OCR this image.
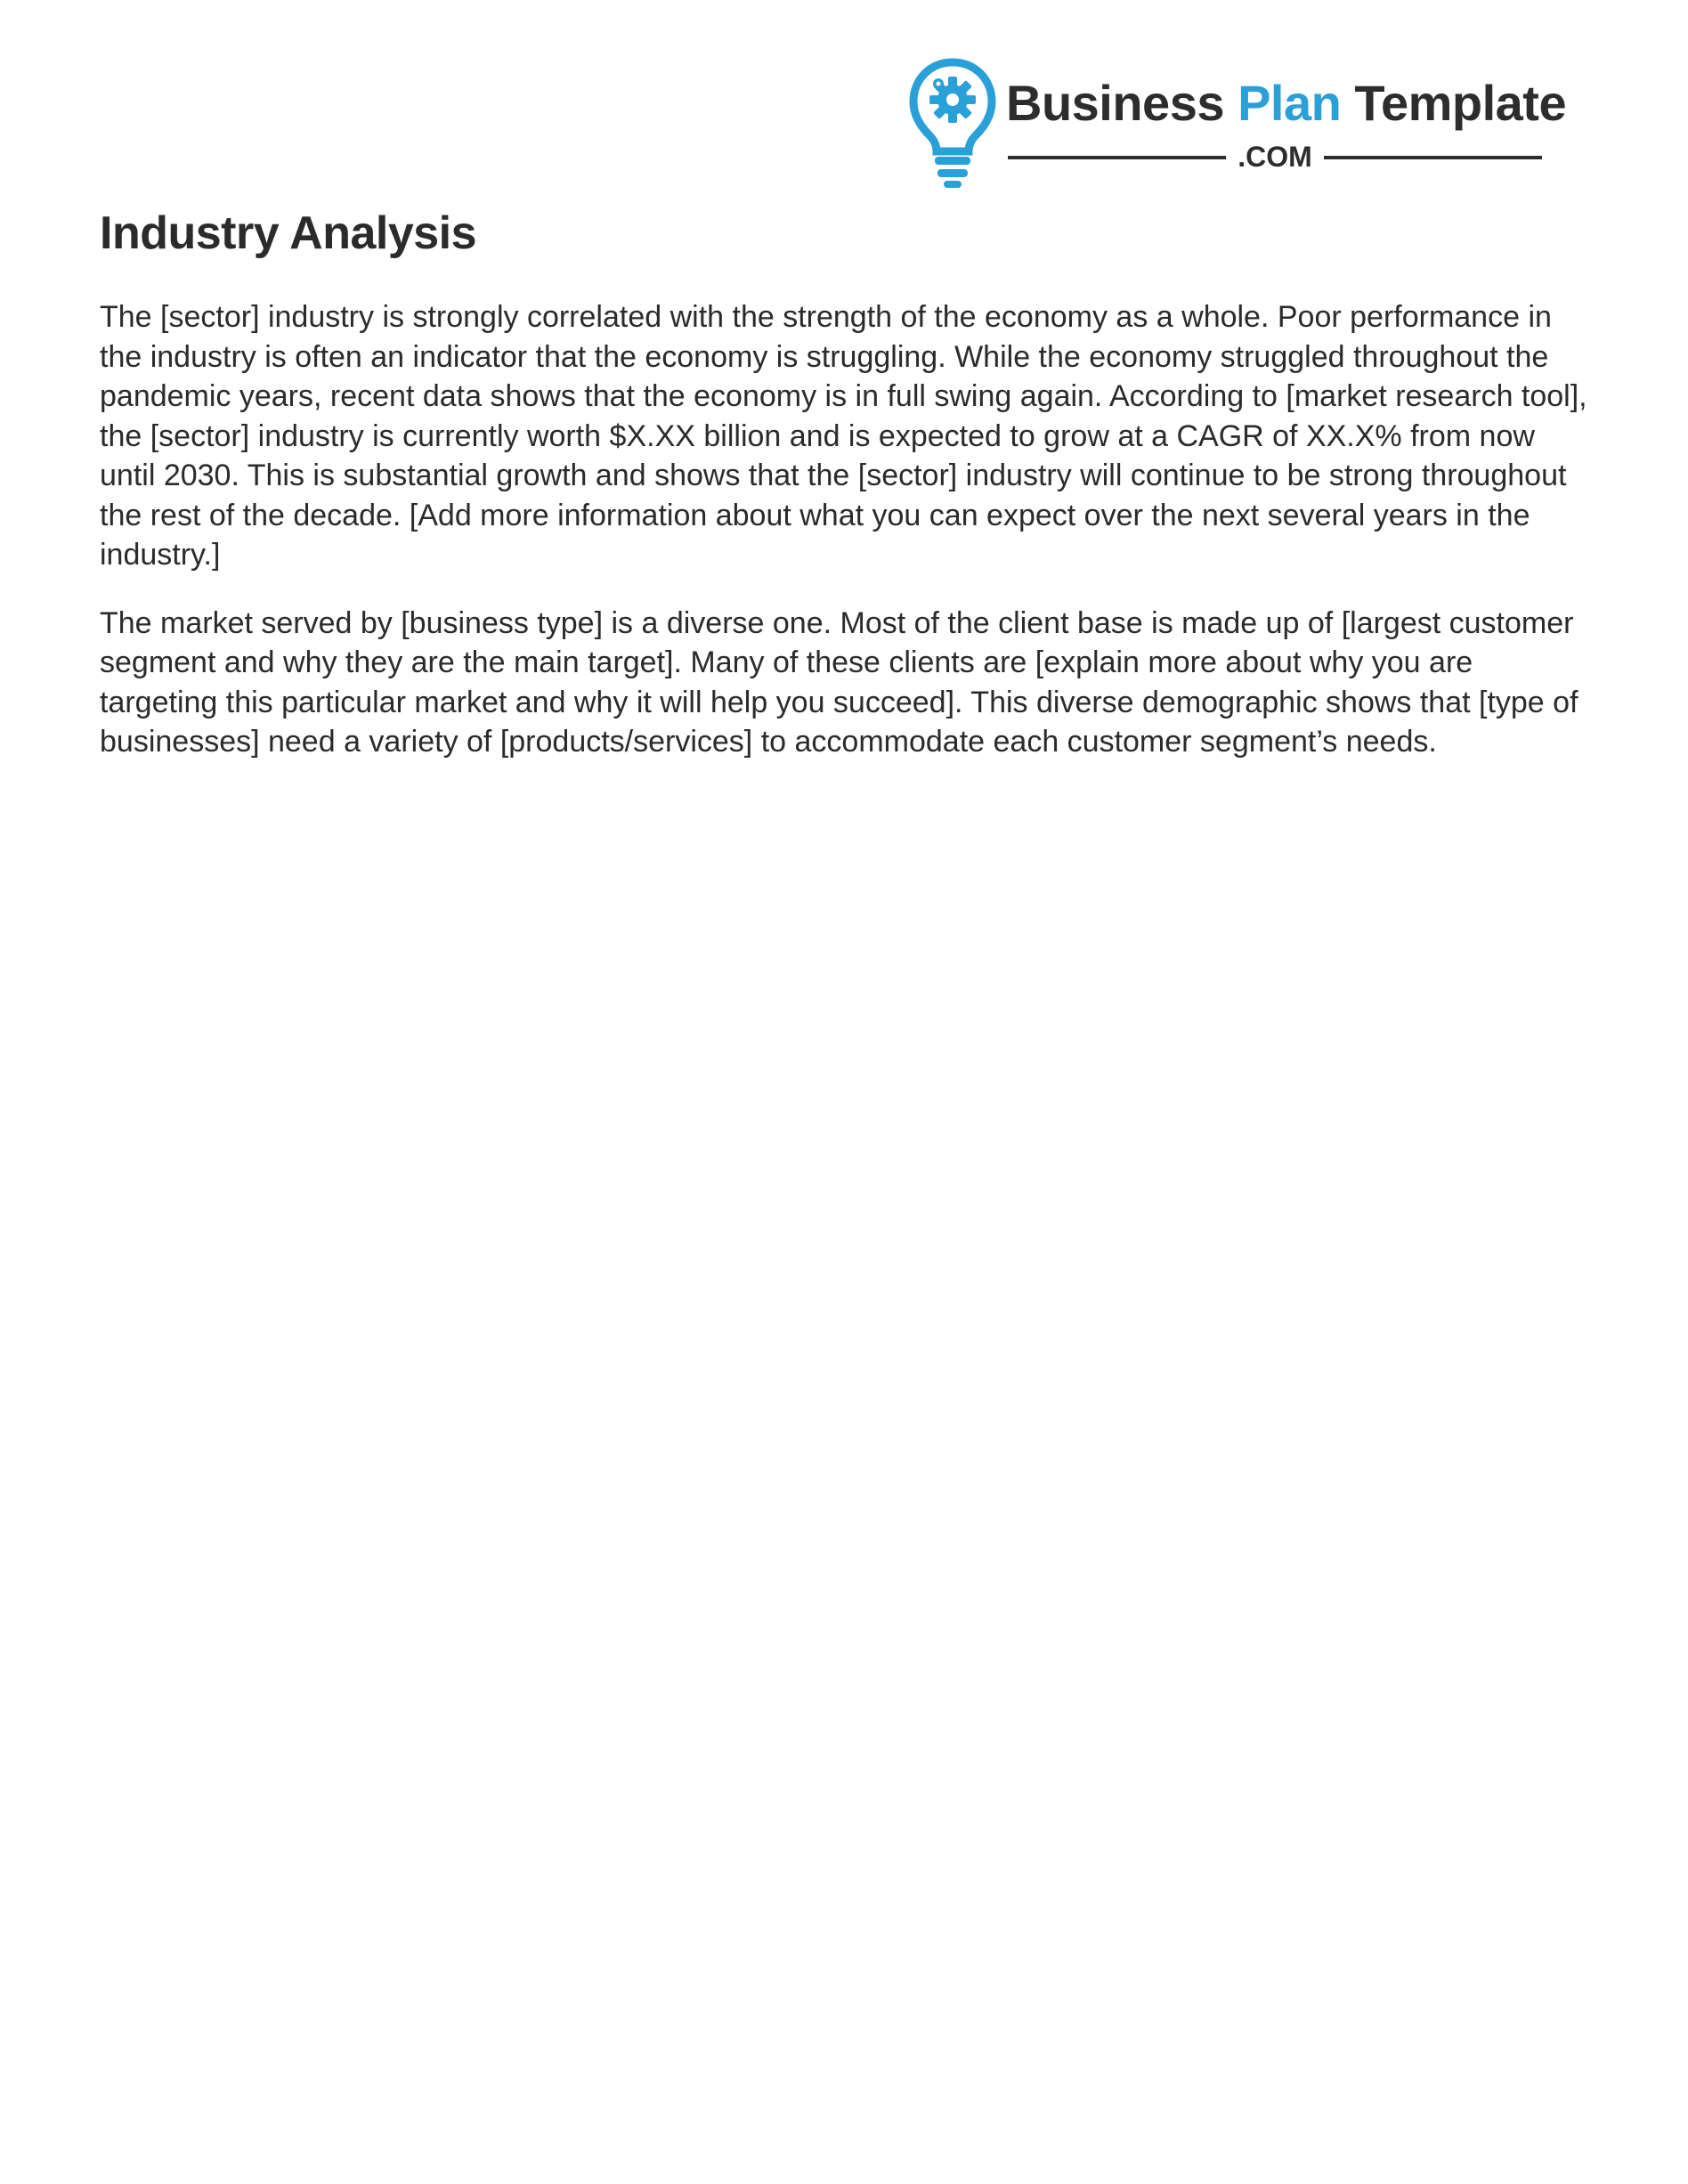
Business Plan Template
.COM
Industry Analysis

The [sector] industry is strongly correlated with the strength of the economy as a whole. Poor performance in the industry is often an indicator that the economy is struggling. While the economy struggled throughout the pandemic years, recent data shows that the economy is in full swing again. According to [market research tool], the [sector] industry is currently worth $X.XX billion and is expected to grow at a CAGR of XX.X% from now until 2030. This is substantial growth and shows that the [sector] industry will continue to be strong throughout the rest of the decade. [Add more information about what you can expect over the next several years in the industry.]

The market served by [business type] is a diverse one. Most of the client base is made up of [largest customer segment and why they are the main target]. Many of these clients are [explain more about why you are targeting this particular market and why it will help you succeed]. This diverse demographic shows that [type of businesses] need a variety of [products/services] to accommodate each customer segment’s needs.
